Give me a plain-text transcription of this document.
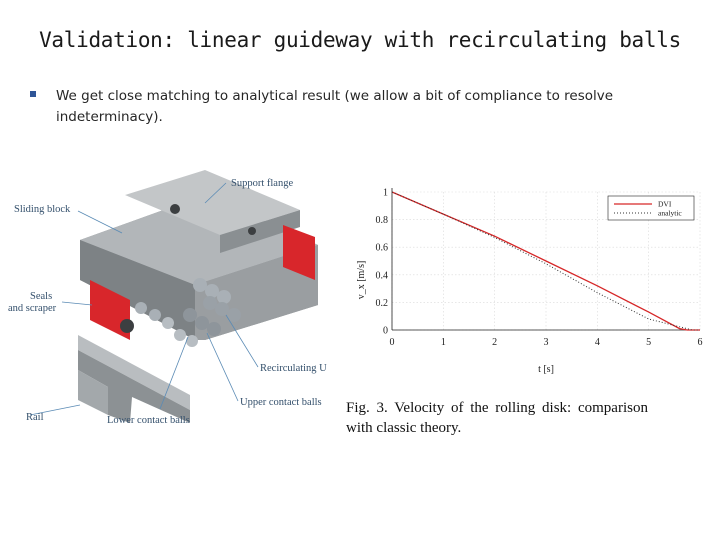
Validation: linear guideway with recirculating balls
We get close matching to analytical result (we allow a bit of compliance to resolve indeterminacy).
Sliding block
Support flange
Seals
and scraper
Rail	Lower contact balls
Upper contact balls
Recirculating U
v_x [m/s]
t [s]
0	1	2	3	4	5	6
0
0.2
0.4
0.6
0.8
1
DVI
analytic
Fig. 3. Velocity of the rolling disk: comparison
with classic theory.
